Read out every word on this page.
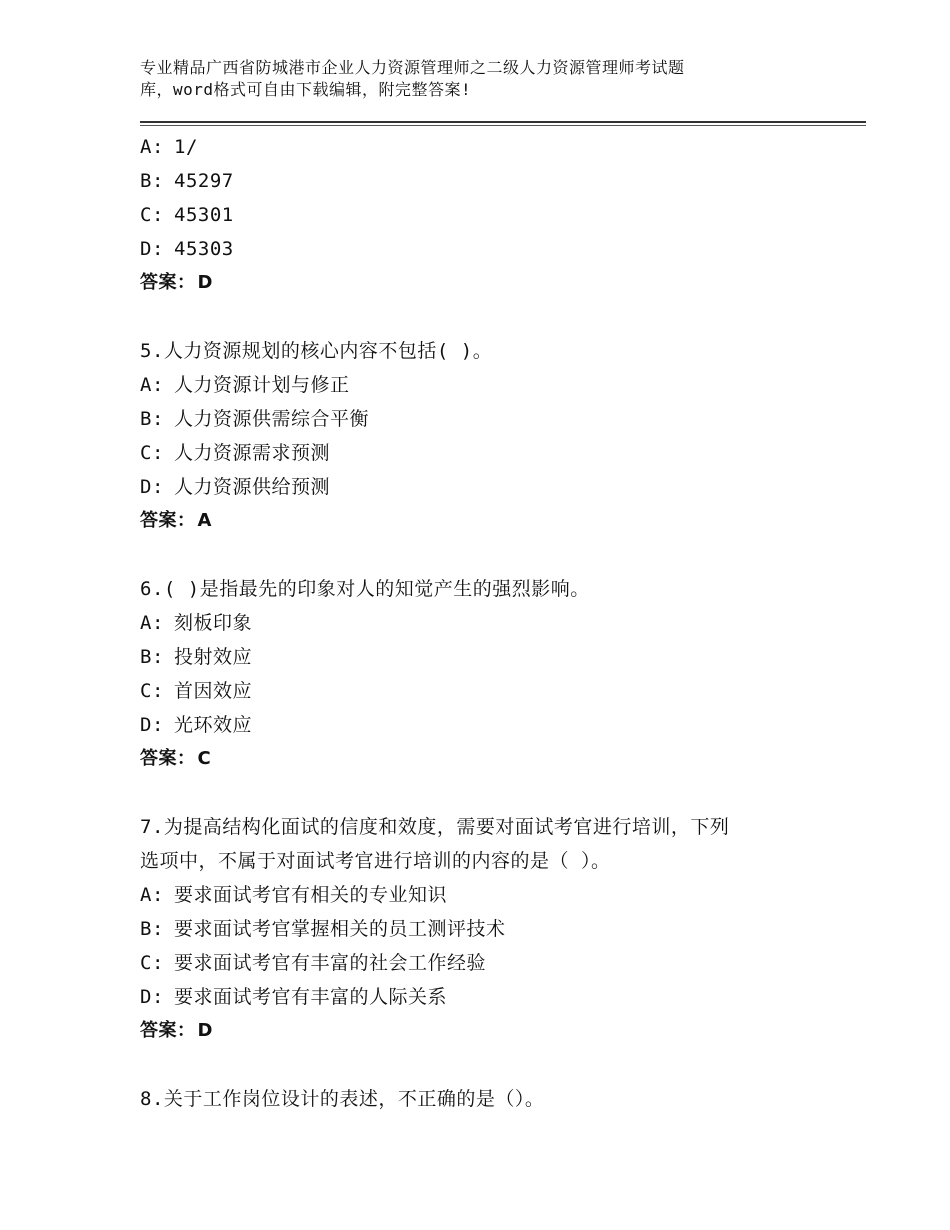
专业精品广西省防城港市企业人力资源管理师之二级人力资源管理师考试题
库，word格式可自由下载编辑，附完整答案!
A: 1/
B: 45297
C: 45301
D: 45303
答案： D
5.人力资源规划的核心内容不包括( )。
A: 人力资源计划与修正
B: 人力资源供需综合平衡
C: 人力资源需求预测
D: 人力资源供给预测
答案： A
6.( )是指最先的印象对人的知觉产生的强烈影响。
A: 刻板印象
B: 投射效应
C: 首因效应
D: 光环效应
答案： C
7.为提高结构化面试的信度和效度，需要对面试考官进行培训，下列
选项中，不属于对面试考官进行培训的内容的是（ ）。
A: 要求面试考官有相关的专业知识
B: 要求面试考官掌握相关的员工测评技术
C: 要求面试考官有丰富的社会工作经验
D: 要求面试考官有丰富的人际关系
答案： D
8.关于工作岗位设计的表述，不正确的是（）。
